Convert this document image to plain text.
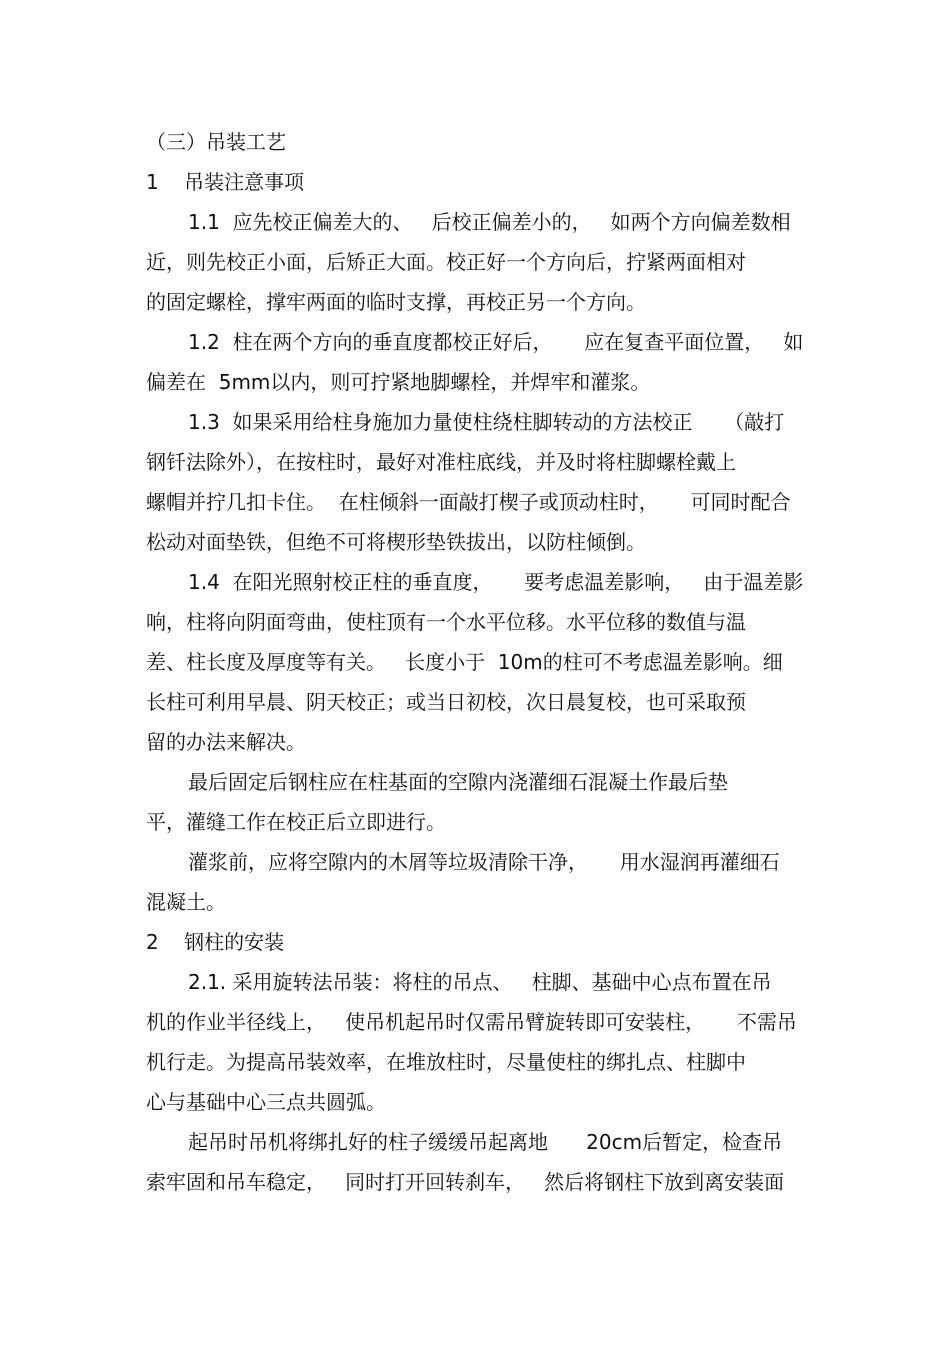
（三）吊装工艺
1    吊装注意事项
1.1  应先校正偏差大的、   后校正偏差小的，   如两个方向偏差数相
近，则先校正小面，后矫正大面。校正好一个方向后，拧紧两面相对
的固定螺栓，撑牢两面的临时支撑，再校正另一个方向。
1.2  柱在两个方向的垂直度都校正好后，     应在复查平面位置，   如
偏差在  5mm以内，则可拧紧地脚螺栓，并焊牢和灌浆。
1.3  如果采用给柱身施加力量使柱绕柱脚转动的方法校正     （敲打
钢钎法除外），在按柱时，最好对准柱底线，并及时将柱脚螺栓戴上
螺帽并拧几扣卡住。  在柱倾斜一面敲打楔子或顶动柱时，     可同时配合
松动对面垫铁，但绝不可将楔形垫铁拔出，以防柱倾倒。
1.4  在阳光照射校正柱的垂直度，     要考虑温差影响，   由于温差影
响，柱将向阴面弯曲，使柱顶有一个水平位移。水平位移的数值与温
差、柱长度及厚度等有关。   长度小于  10m的柱可不考虑温差影响。细
长柱可利用早晨、阴天校正；或当日初校，次日晨复校，也可采取预
留的办法来解决。
最后固定后钢柱应在柱基面的空隙内浇灌细石混凝土作最后垫
平，灌缝工作在校正后立即进行。
灌浆前，应将空隙内的木屑等垃圾清除干净，     用水湿润再灌细石
混凝土。
2    钢柱的安装
2.1. 采用旋转法吊装：将柱的吊点、   柱脚、基础中心点布置在吊
机的作业半径线上，   使吊机起吊时仅需吊臂旋转即可安装柱，     不需吊
机行走。为提高吊装效率，在堆放柱时，尽量使柱的绑扎点、柱脚中
心与基础中心三点共圆弧。
起吊时吊机将绑扎好的柱子缓缓吊起离地      20cm后暂定，检查吊
索牢固和吊车稳定，   同时打开回转刹车，   然后将钢柱下放到离安装面
